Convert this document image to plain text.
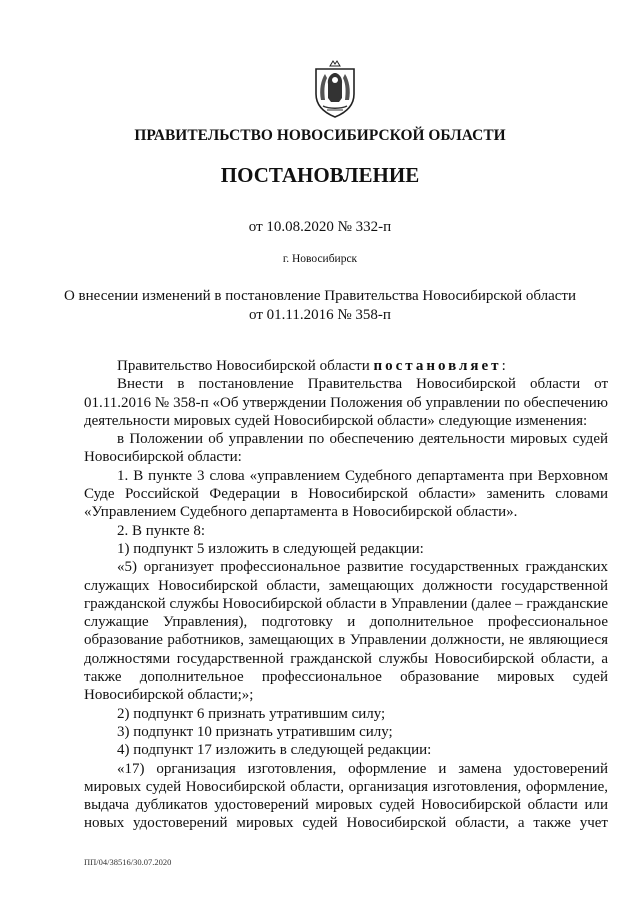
ПРАВИТЕЛЬСТВО НОВОСИБИРСКОЙ ОБЛАСТИ
ПОСТАНОВЛЕНИЕ
от 10.08.2020 № 332-п
г. Новосибирск
О внесении изменений в постановление Правительства Новосибирской области
от 01.11.2016 № 358-п

Правительство Новосибирской области постановляет:

Внести в постановление Правительства Новосибирской области от 01.11.2016 № 358-п «Об утверждении Положения об управлении по обеспечению деятельности мировых судей Новосибирской области» следующие изменения:

в Положении об управлении по обеспечению деятельности мировых судей Новосибирской области:

1. В пункте 3 слова «управлением Судебного департамента при Верховном Суде Российской Федерации в Новосибирской области» заменить словами «Управлением Судебного департамента в Новосибирской области».

2. В пункте 8:

1) подпункт 5 изложить в следующей редакции:

«5) организует профессиональное развитие государственных гражданских служащих Новосибирской области, замещающих должности государственной гражданской службы Новосибирской области в Управлении (далее – гражданские служащие Управления), подготовку и дополнительное профессиональное образование работников, замещающих в Управлении должности, не являющиеся должностями государственной гражданской службы Новосибирской области, а также дополнительное профессиональное образование мировых судей Новосибирской области;»;

2) подпункт 6 признать утратившим силу;

3) подпункт 10 признать утратившим силу;

4) подпункт 17 изложить в следующей редакции:

«17) организация изготовления, оформление и замена удостоверений мировых судей Новосибирской области, организация изготовления, оформление, выдача дубликатов удостоверений мировых судей Новосибирской области или новых удостоверений мировых судей Новосибирской области, а также учет

ПП/04/38516/30.07.2020
